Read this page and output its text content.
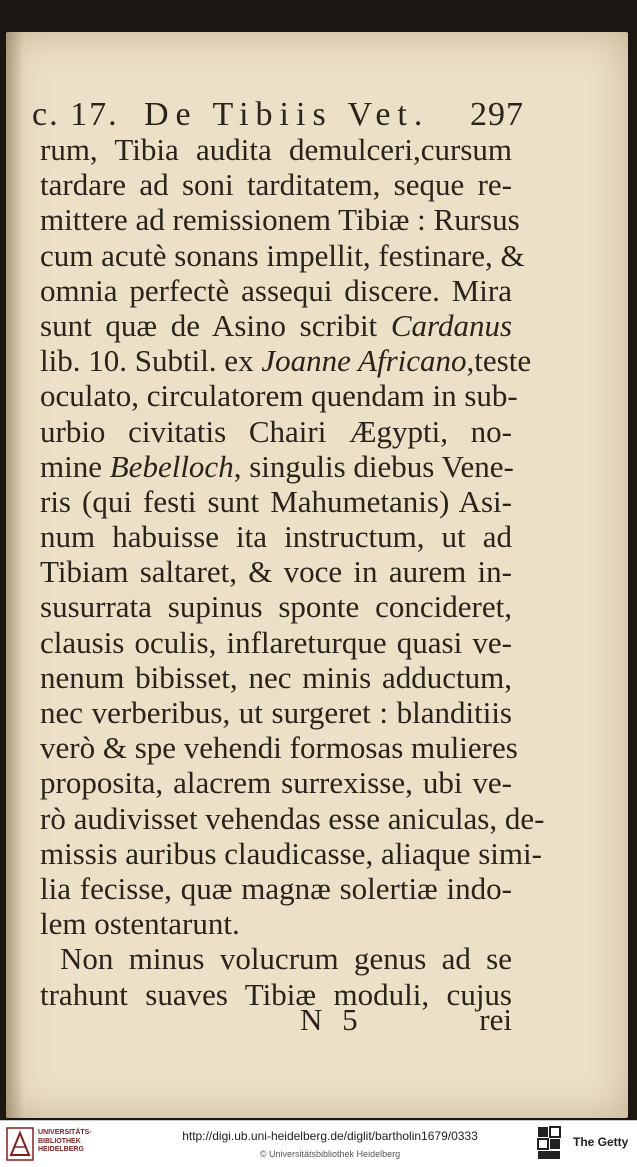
c. 17. De Tibiis Vet. 297
rum, Tibia audita demulceri,cursum
tardare ad soni tarditatem, seque re-
mittere ad remissionem Tibiæ : Rursus
cum acutè sonans impellit, festinare, &
omnia perfectè assequi discere. Mira
sunt quæ de Asino scribit Cardanus
lib. 10. Subtil. ex Joanne Africano,teste
oculato, circulatorem quendam in sub-
urbio civitatis Chairi Ægypti, no-
mine Bebelloch, singulis diebus Vene-
ris (qui festi sunt Mahumetanis) Asi-
num habuisse ita instructum, ut ad
Tibiam saltaret, & voce in aurem in-
susurrata supinus sponte concideret,
clausis oculis, inflareturque quasi ve-
nenum bibisset, nec minis adductum,
nec verberibus, ut surgeret : blanditiis
verò & spe vehendi formosas mulieres
proposita, alacrem surrexisse, ubi ve-
rò audivisset vehendas esse aniculas, de-
missis auribus claudicasse, aliaque simi-
lia fecisse, quæ magnæ solertiæ indo-
lem ostentarunt.
Non minus volucrum genus ad se
trahunt suaves Tibiæ moduli, cujus
N 5	rei
UNIVERSITÄTS-
BIBLIOTHEK
HEIDELBERG
http://digi.ub.uni-heidelberg.de/diglit/bartholin1679/0333
© Universitätsbibliothek Heidelberg
The Getty
